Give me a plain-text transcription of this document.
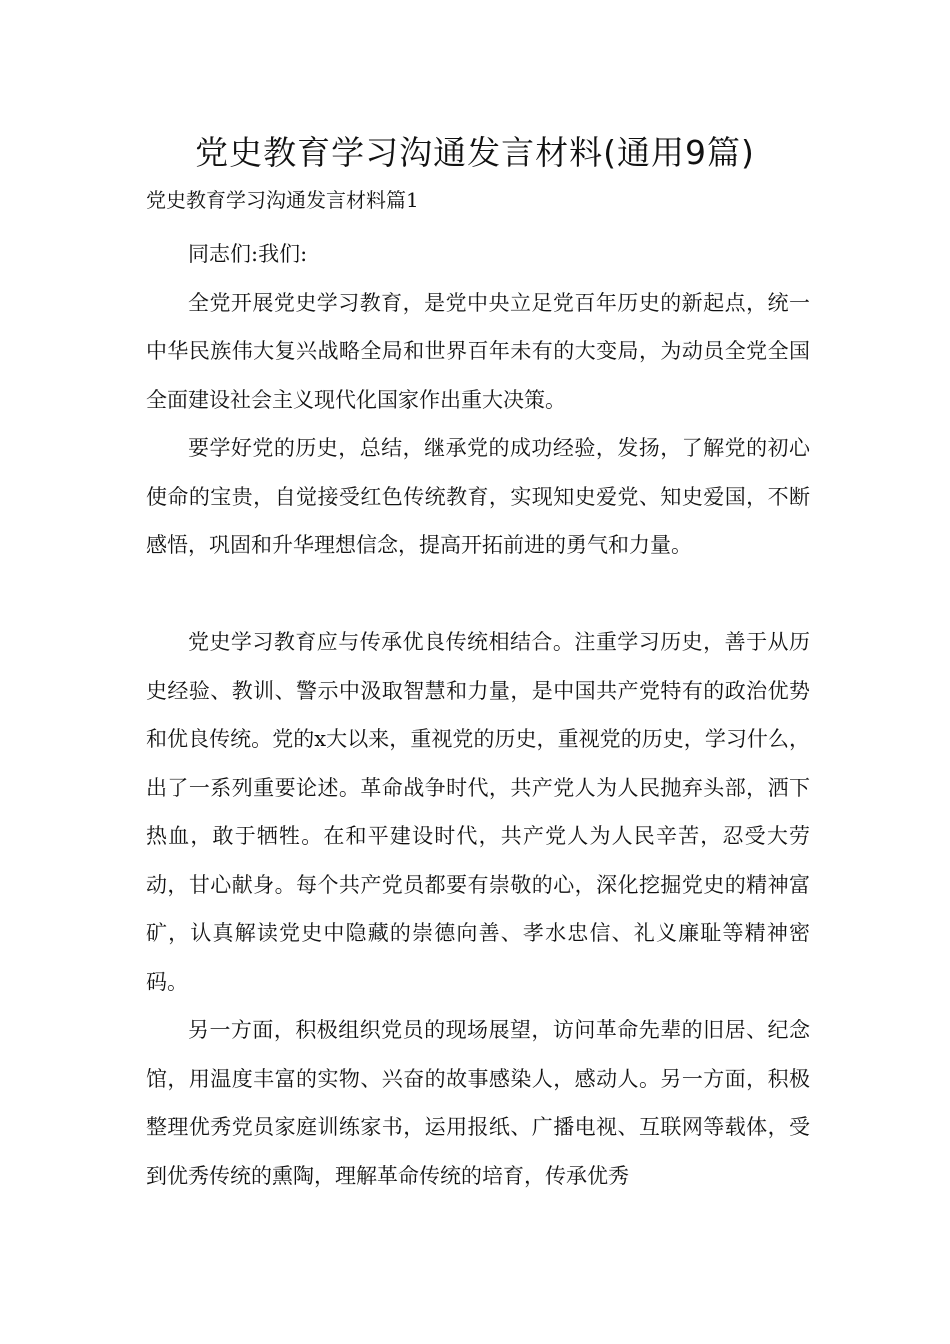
党史教育学习沟通发言材料(通用9篇)
党史教育学习沟通发言材料篇1

同志们:我们:

全党开展党史学习教育，是党中央立足党百年历史的新起点，统一中华民族伟大复兴战略全局和世界百年未有的大变局，为动员全党全国全面建设社会主义现代化国家作出重大决策。

要学好党的历史，总结，继承党的成功经验，发扬，了解党的初心使命的宝贵，自觉接受红色传统教育，实现知史爱党、知史爱国，不断感悟，巩固和升华理想信念，提高开拓前进的勇气和力量。

党史学习教育应与传承优良传统相结合。注重学习历史，善于从历史经验、教训、警示中汲取智慧和力量，是中国共产党特有的政治优势和优良传统。党的x大以来，重视党的历史，重视党的历史，学习什么，出了一系列重要论述。革命战争时代，共产党人为人民抛弃头部，洒下热血，敢于牺牲。在和平建设时代，共产党人为人民辛苦，忍受大劳动，甘心献身。每个共产党员都要有崇敬的心，深化挖掘党史的精神富矿，认真解读党史中隐藏的崇德向善、孝水忠信、礼义廉耻等精神密码。

另一方面，积极组织党员的现场展望，访问革命先辈的旧居、纪念馆，用温度丰富的实物、兴奋的故事感染人，感动人。另一方面，积极整理优秀党员家庭训练家书，运用报纸、广播电视、互联网等载体，受到优秀传统的熏陶，理解革命传统的培育，传承优秀
